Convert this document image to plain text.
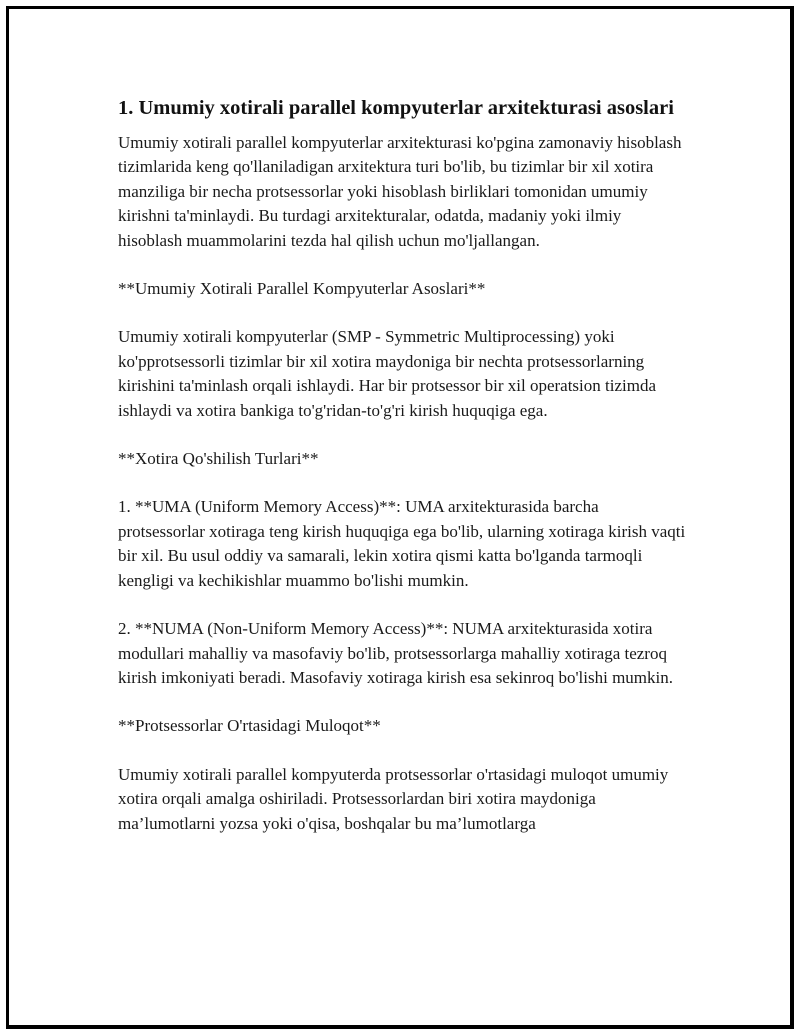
1. Umumiy xotirali parallel kompyuterlar arxitekturasi asoslari

Umumiy xotirali parallel kompyuterlar arxitekturasi ko'pgina zamonaviy hisoblash tizimlarida keng qo'llaniladigan arxitektura turi bo'lib, bu tizimlar bir xil xotira manziliga bir necha protsessorlar yoki hisoblash birliklari tomonidan umumiy kirishni ta'minlaydi. Bu turdagi arxitekturalar, odatda, madaniy yoki ilmiy hisoblash muammolarini tezda hal qilish uchun mo'ljallangan.

**Umumiy Xotirali Parallel Kompyuterlar Asoslari**

Umumiy xotirali kompyuterlar (SMP - Symmetric Multiprocessing) yoki ko'pprotsessorli tizimlar bir xil xotira maydoniga bir nechta protsessorlarning kirishini ta'minlash orqali ishlaydi. Har bir protsessor bir xil operatsion tizimda ishlaydi va xotira bankiga to'g'ridan-to'g'ri kirish huquqiga ega.

**Xotira Qo'shilish Turlari**

1. **UMA (Uniform Memory Access)**: UMA arxitekturasida barcha protsessorlar xotiraga teng kirish huquqiga ega bo'lib, ularning xotiraga kirish vaqti bir xil. Bu usul oddiy va samarali, lekin xotira qismi katta bo'lganda tarmoqli kengligi va kechikishlar muammo bo'lishi mumkin.

2. **NUMA (Non-Uniform Memory Access)**: NUMA arxitekturasida xotira modullari mahalliy va masofaviy bo'lib, protsessorlarga mahalliy xotiraga tezroq kirish imkoniyati beradi. Masofaviy xotiraga kirish esa sekinroq bo'lishi mumkin.

**Protsessorlar O'rtasidagi Muloqot**

Umumiy xotirali parallel kompyuterda protsessorlar o'rtasidagi muloqot umumiy xotira orqali amalga oshiriladi. Protsessorlardan biri xotira maydoniga ma’lumotlarni yozsa yoki o'qisa, boshqalar bu ma’lumotlarga
